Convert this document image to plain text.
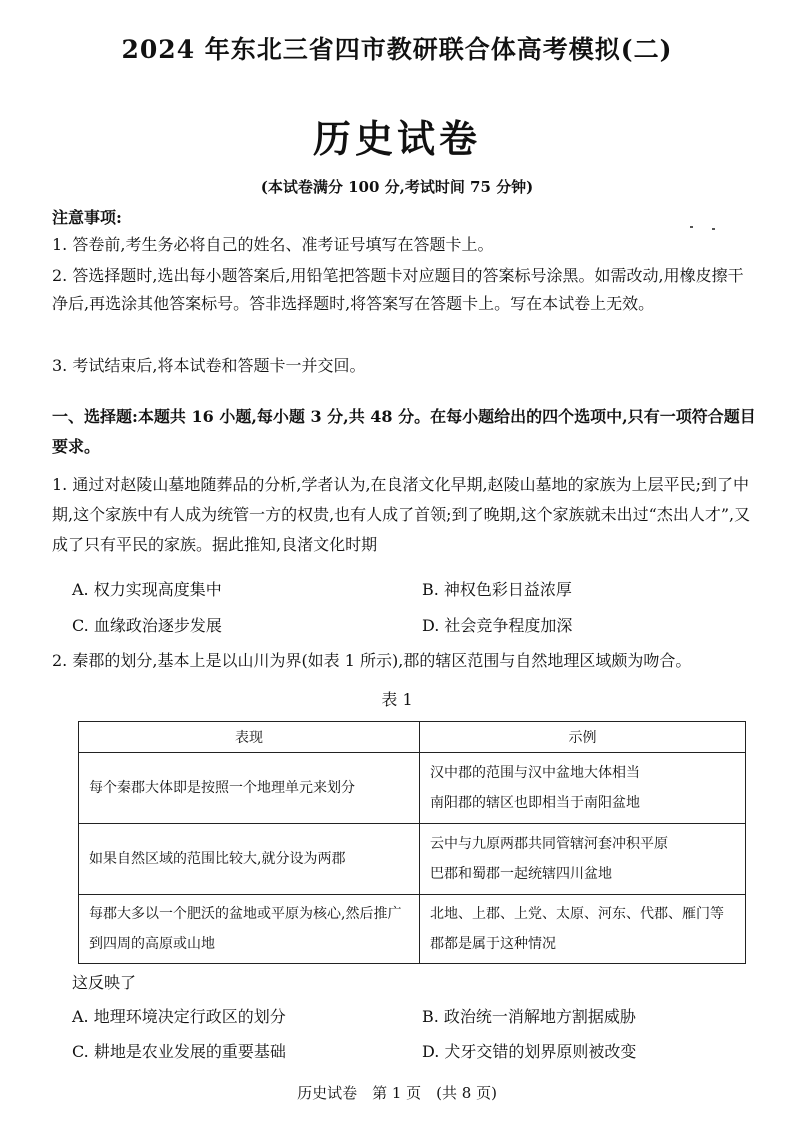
2024 年东北三省四市教研联合体高考模拟(二)
历史试卷
(本试卷满分 100 分,考试时间 75 分钟)
注意事项:
1. 答卷前,考生务必将自己的姓名、准考证号填写在答题卡上。
2. 答选择题时,选出每小题答案后,用铅笔把答题卡对应题目的答案标号涂黑。如需改动,用橡皮擦干净后,再选涂其他答案标号。答非选择题时,将答案写在答题卡上。写在本试卷上无效。
3. 考试结束后,将本试卷和答题卡一并交回。
一、选择题:本题共 16 小题,每小题 3 分,共 48 分。在每小题给出的四个选项中,只有一项符合题目要求。
1. 通过对赵陵山墓地随葬品的分析,学者认为,在良渚文化早期,赵陵山墓地的家族为上层平民;到了中期,这个家族中有人成为统管一方的权贵,也有人成了首领;到了晚期,这个家族就未出过“杰出人才”,又成了只有平民的家族。据此推知,良渚文化时期
A. 权力实现高度集中	B. 神权色彩日益浓厚
C. 血缘政治逐步发展	D. 社会竞争程度加深
2. 秦郡的划分,基本上是以山川为界(如表 1 所示),郡的辖区范围与自然地理区域颇为吻合。
表 1
表现	示例
每个秦郡大体即是按照一个地理单元来划分	汉中郡的范围与汉中盆地大体相当
南阳郡的辖区也即相当于南阳盆地

如果自然区域的范围比较大,就分设为两郡	云中与九原两郡共同管辖河套冲积平原
巴郡和蜀郡一起统辖四川盆地

每郡大多以一个肥沃的盆地或平原为核心,然后推广到四周的高原或山地	北地、上郡、上党、太原、河东、代郡、雁门等郡都是属于这种情况
这反映了
A. 地理环境决定行政区的划分	B. 政治统一消解地方割据威胁
C. 耕地是农业发展的重要基础	D. 犬牙交错的划界原则被改变
历史试卷　第 1 页　(共 8 页)
